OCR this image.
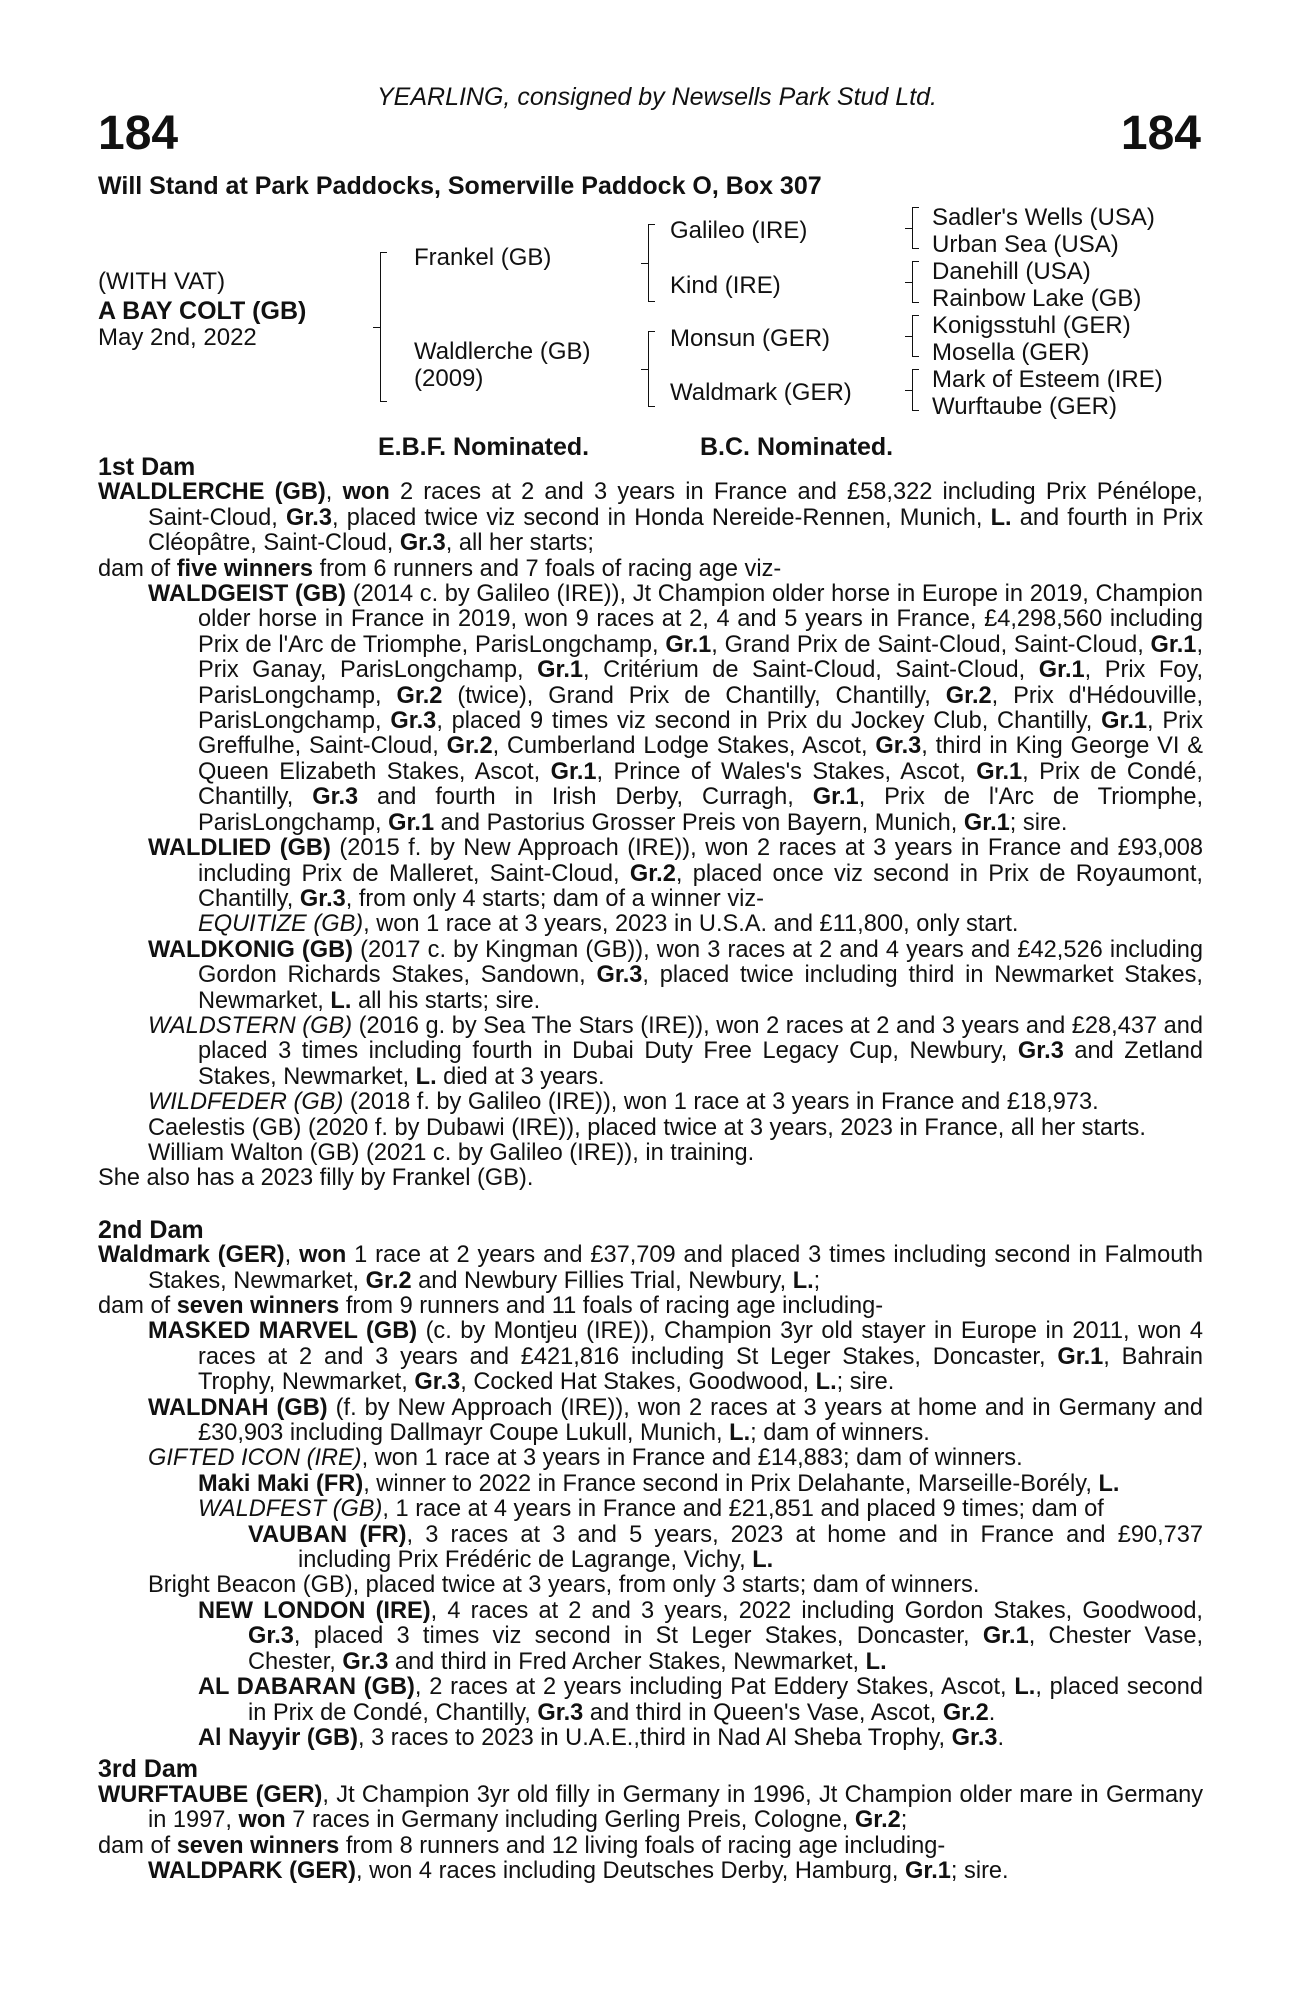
YEARLING, consigned by Newsells Park Stud Ltd.
184	184
Will Stand at Park Paddocks, Somerville Paddock O, Box 307
(WITH VAT)
A BAY COLT (GB)
May 2nd, 2022
Frankel (GB)
Waldlerche (GB)
(2009)
Galileo (IRE)
Kind (IRE)
Monsun (GER)
Waldmark (GER)
Sadler's Wells (USA)
Urban Sea (USA)
Danehill (USA)
Rainbow Lake (GB)
Konigsstuhl (GER)
Mosella (GER)
Mark of Esteem (IRE)
Wurftaube (GER)
E.B.F. Nominated.	B.C. Nominated.

1st Dam

WALDLERCHE (GB), won 2 races at 2 and 3 years in France and £58,322 including Prix Pénélope, Saint-Cloud, Gr.3, placed twice viz second in Honda Nereide-Rennen, Munich, L. and fourth in Prix Cléopâtre, Saint-Cloud, Gr.3, all her starts;

dam of five winners from 6 runners and 7 foals of racing age viz-

WALDGEIST (GB) (2014 c. by Galileo (IRE)), Jt Champion older horse in Europe in 2019, Champion older horse in France in 2019, won 9 races at 2, 4 and 5 years in France, £4,298,560 including Prix de l'Arc de Triomphe, ParisLongchamp, Gr.1, Grand Prix de Saint-Cloud, Saint-Cloud, Gr.1, Prix Ganay, ParisLongchamp, Gr.1, Critérium de Saint-Cloud, Saint-Cloud, Gr.1, Prix Foy, ParisLongchamp, Gr.2 (twice), Grand Prix de Chantilly, Chantilly, Gr.2, Prix d'Hédouville, ParisLongchamp, Gr.3, placed 9 times viz second in Prix du Jockey Club, Chantilly, Gr.1, Prix Greffulhe, Saint-Cloud, Gr.2, Cumberland Lodge Stakes, Ascot, Gr.3, third in King George VI & Queen Elizabeth Stakes, Ascot, Gr.1, Prince of Wales's Stakes, Ascot, Gr.1, Prix de Condé, Chantilly, Gr.3 and fourth in Irish Derby, Curragh, Gr.1, Prix de l'Arc de Triomphe, ParisLongchamp, Gr.1 and Pastorius Grosser Preis von Bayern, Munich, Gr.1; sire.

WALDLIED (GB) (2015 f. by New Approach (IRE)), won 2 races at 3 years in France and £93,008 including Prix de Malleret, Saint-Cloud, Gr.2, placed once viz second in Prix de Royaumont, Chantilly, Gr.3, from only 4 starts; dam of a winner viz-

EQUITIZE (GB), won 1 race at 3 years, 2023 in U.S.A. and £11,800, only start.

WALDKONIG (GB) (2017 c. by Kingman (GB)), won 3 races at 2 and 4 years and £42,526 including Gordon Richards Stakes, Sandown, Gr.3, placed twice including third in Newmarket Stakes, Newmarket, L. all his starts; sire.

WALDSTERN (GB) (2016 g. by Sea The Stars (IRE)), won 2 races at 2 and 3 years and £28,437 and placed 3 times including fourth in Dubai Duty Free Legacy Cup, Newbury, Gr.3 and Zetland Stakes, Newmarket, L. died at 3 years.

WILDFEDER (GB) (2018 f. by Galileo (IRE)), won 1 race at 3 years in France and £18,973.

Caelestis (GB) (2020 f. by Dubawi (IRE)), placed twice at 3 years, 2023 in France, all her starts.

William Walton (GB) (2021 c. by Galileo (IRE)), in training.

She also has a 2023 filly by Frankel (GB).

2nd Dam

Waldmark (GER), won 1 race at 2 years and £37,709 and placed 3 times including second in Falmouth Stakes, Newmarket, Gr.2 and Newbury Fillies Trial, Newbury, L.;

dam of seven winners from 9 runners and 11 foals of racing age including-

MASKED MARVEL (GB) (c. by Montjeu (IRE)), Champion 3yr old stayer in Europe in 2011, won 4 races at 2 and 3 years and £421,816 including St Leger Stakes, Doncaster, Gr.1, Bahrain Trophy, Newmarket, Gr.3, Cocked Hat Stakes, Goodwood, L.; sire.

WALDNAH (GB) (f. by New Approach (IRE)), won 2 races at 3 years at home and in Germany and £30,903 including Dallmayr Coupe Lukull, Munich, L.; dam of winners.

GIFTED ICON (IRE), won 1 race at 3 years in France and £14,883; dam of winners.

Maki Maki (FR), winner to 2022 in France second in Prix Delahante, Marseille-Borély, L.

WALDFEST (GB), 1 race at 4 years in France and £21,851 and placed 9 times; dam of

VAUBAN (FR), 3 races at 3 and 5 years, 2023 at home and in France and £90,737 including Prix Frédéric de Lagrange, Vichy, L.

Bright Beacon (GB), placed twice at 3 years, from only 3 starts; dam of winners.

NEW LONDON (IRE), 4 races at 2 and 3 years, 2022 including Gordon Stakes, Goodwood, Gr.3, placed 3 times viz second in St Leger Stakes, Doncaster, Gr.1, Chester Vase, Chester, Gr.3 and third in Fred Archer Stakes, Newmarket, L.

AL DABARAN (GB), 2 races at 2 years including Pat Eddery Stakes, Ascot, L., placed second in Prix de Condé, Chantilly, Gr.3 and third in Queen's Vase, Ascot, Gr.2.

Al Nayyir (GB), 3 races to 2023 in U.A.E.,third in Nad Al Sheba Trophy, Gr.3.

3rd Dam

WURFTAUBE (GER), Jt Champion 3yr old filly in Germany in 1996, Jt Champion older mare in Germany in 1997, won 7 races in Germany including Gerling Preis, Cologne, Gr.2;

dam of seven winners from 8 runners and 12 living foals of racing age including-

WALDPARK (GER), won 4 races including Deutsches Derby, Hamburg, Gr.1; sire.
